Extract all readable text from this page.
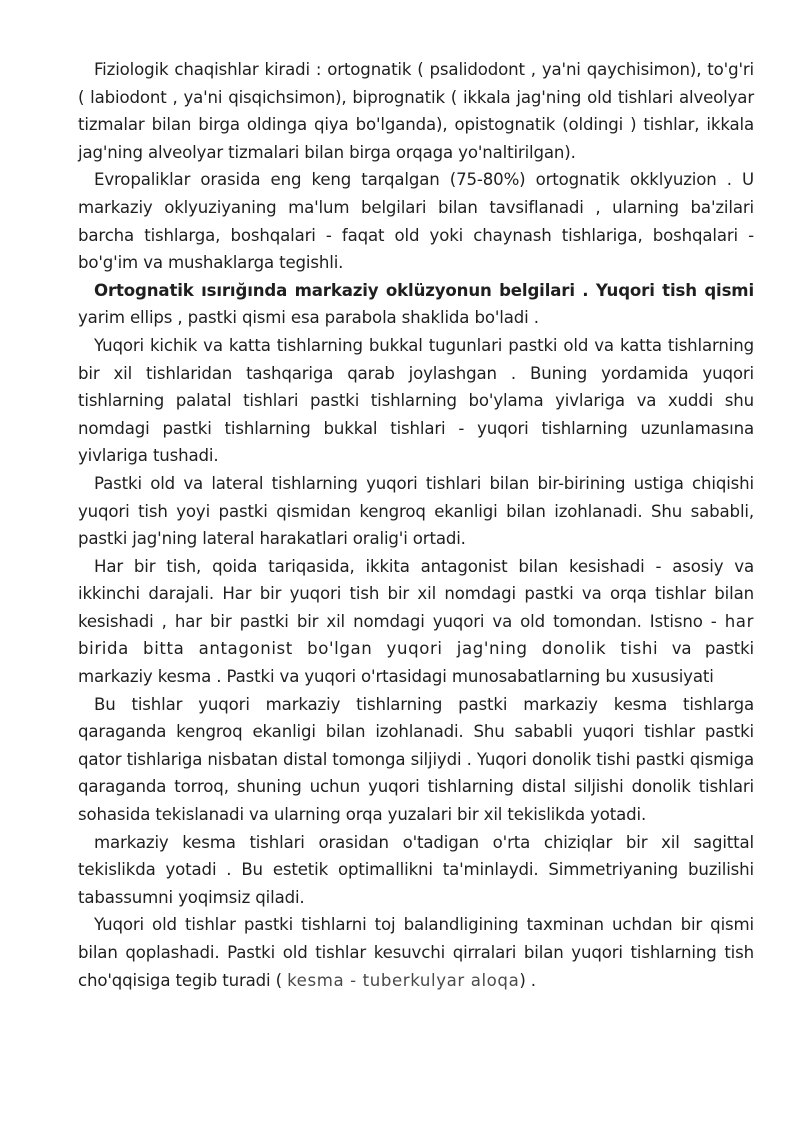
Fiziologik chaqishlar kiradi : ortognatik ( psalidodont , ya'ni qaychisimon), to'g'ri ( labiodont , ya'ni qisqichsimon), biprognatik ( ikkala jag'ning old tishlari alveolyar tizmalar bilan birga oldinga qiya bo'lganda), opistognatik (oldingi ) tishlar, ikkala jag'ning alveolyar tizmalari bilan birga orqaga yo'naltirilgan).

Evropaliklar orasida eng keng tarqalgan (75-80%) ortognatik okklyuzion . U markaziy oklyuziyaning ma'lum belgilari bilan tavsiflanadi , ularning ba'zilari barcha tishlarga, boshqalari - faqat old yoki chaynash tishlariga, boshqalari - bo'g'im va mushaklarga tegishli.

Ortognatik ısırığında markaziy oklüzyonun belgilari . Yuqori tish qismi yarim ellips , pastki qismi esa parabola shaklida bo'ladi .

Yuqori kichik va katta tishlarning bukkal tugunlari pastki old va katta tishlarning bir xil tishlaridan tashqariga qarab joylashgan . Buning yordamida yuqori tishlarning palatal tishlari pastki tishlarning bo'ylama yivlariga va xuddi shu nomdagi pastki tishlarning bukkal tishlari - yuqori tishlarning uzunlamasına yivlariga tushadi.

Pastki old va lateral tishlarning yuqori tishlari bilan bir-birining ustiga chiqishi yuqori tish yoyi pastki qismidan kengroq ekanligi bilan izohlanadi. Shu sababli, pastki jag'ning lateral harakatlari oralig'i ortadi.

Har bir tish, qoida tariqasida, ikkita antagonist bilan kesishadi - asosiy va ikkinchi darajali. Har bir yuqori tish bir xil nomdagi pastki va orqa tishlar bilan kesishadi , har bir pastki bir xil nomdagi yuqori va old tomondan. Istisno - har birida bitta antagonist bo'lgan yuqori jag'ning donolik tishi va pastki markaziy kesma . Pastki va yuqori o'rtasidagi munosabatlarning bu xususiyati

Bu tishlar yuqori markaziy tishlarning pastki markaziy kesma tishlarga qaraganda kengroq ekanligi bilan izohlanadi. Shu sababli yuqori tishlar pastki qator tishlariga nisbatan distal tomonga siljiydi . Yuqori donolik tishi pastki qismiga qaraganda torroq, shuning uchun yuqori tishlarning distal siljishi donolik tishlari sohasida tekislanadi va ularning orqa yuzalari bir xil tekislikda yotadi.

markaziy kesma tishlari orasidan o'tadigan o'rta chiziqlar bir xil sagittal tekislikda yotadi . Bu estetik optimallikni ta'minlaydi. Simmetriyaning buzilishi tabassumni yoqimsiz qiladi.

Yuqori old tishlar pastki tishlarni toj balandligining taxminan uchdan bir qismi bilan qoplashadi. Pastki old tishlar kesuvchi qirralari bilan yuqori tishlarning tish cho'qqisiga tegib turadi ( kesma - tuberkulyar aloqa) .
